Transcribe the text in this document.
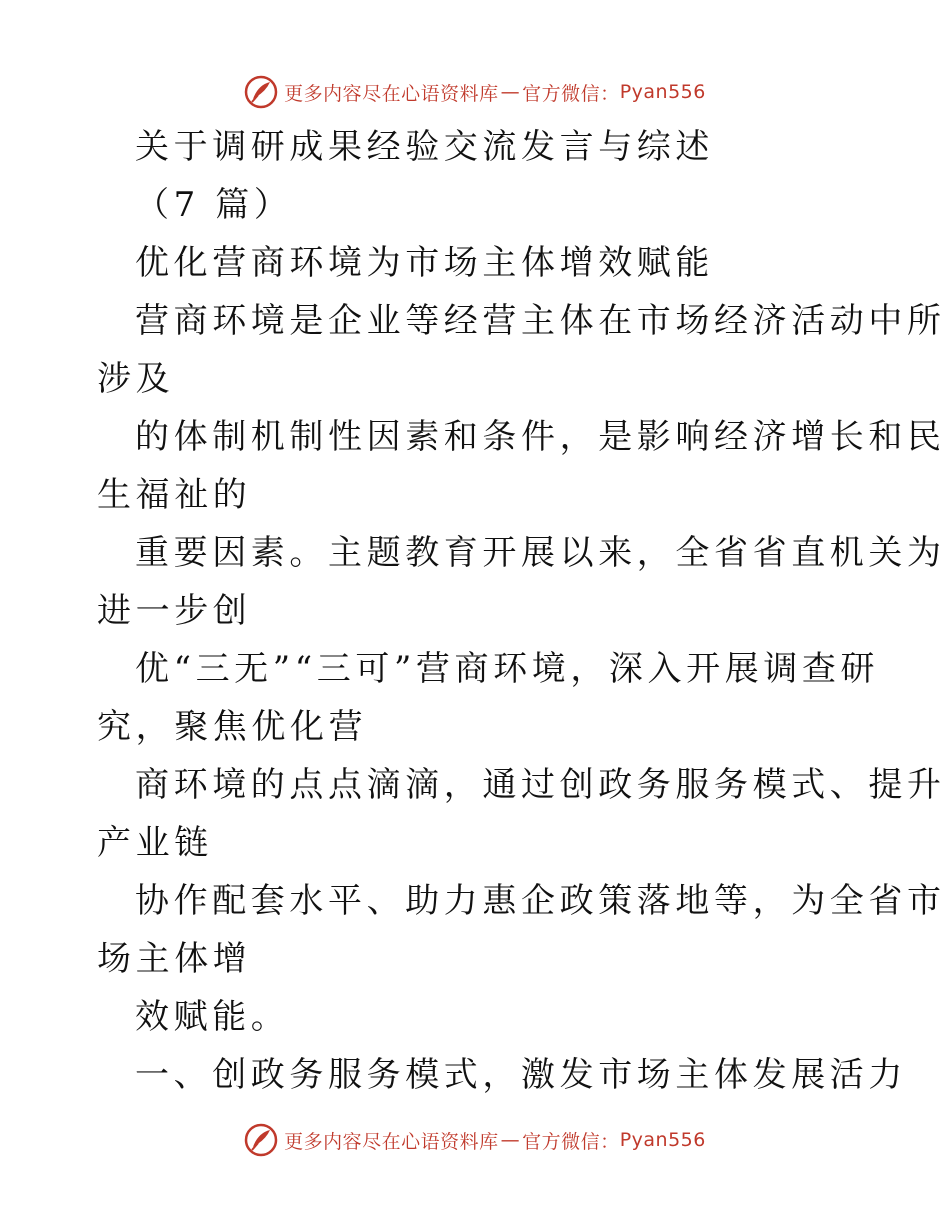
更多内容尽在心语资料库 — 官方微信： Pyan556
关于调研成果经验交流发言与综述
（7 篇）
优化营商环境为市场主体增效赋能
营商环境是企业等经营主体在市场经济活动中所
涉及
的体制机制性因素和条件，是影响经济增长和民
生福祉的
重要因素。主题教育开展以来，全省省直机关为
进一步创
优“三无”“三可”营商环境，深入开展调查研
究，聚焦优化营
商环境的点点滴滴，通过创政务服务模式、提升
产业链
协作配套水平、助力惠企政策落地等，为全省市
场主体增
效赋能。
一、创政务服务模式，激发市场主体发展活力
更多内容尽在心语资料库 — 官方微信： Pyan556
